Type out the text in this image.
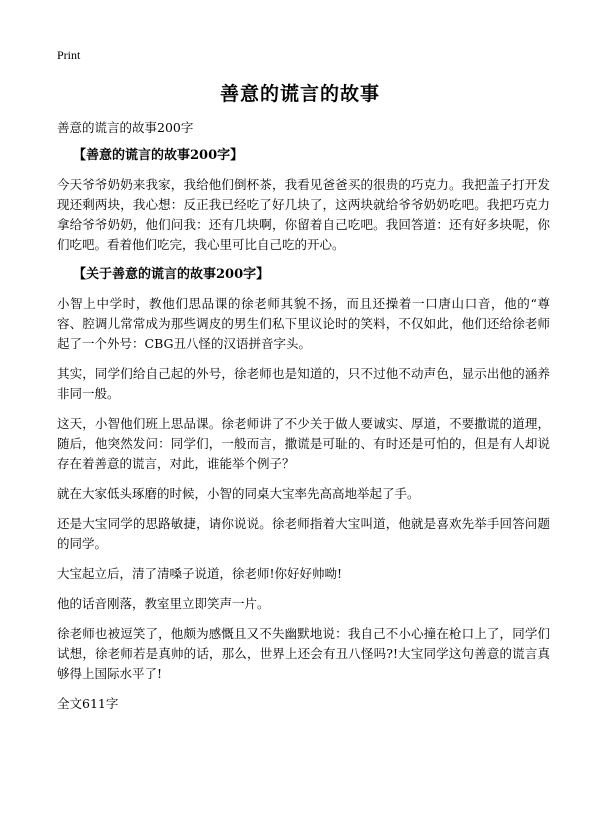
Print
善意的谎言的故事

善意的谎言的故事200字

【善意的谎言的故事200字】

今天爷爷奶奶来我家，我给他们倒杯茶，我看见爸爸买的很贵的巧克力。我把盖子打开发现还剩两块，我心想：反正我已经吃了好几块了，这两块就给爷爷奶奶吃吧。我把巧克力拿给爷爷奶奶，他们问我：还有几块啊，你留着自己吃吧。我回答道：还有好多块呢，你们吃吧。看着他们吃完，我心里可比自己吃的开心。

【关于善意的谎言的故事200字】

小智上中学时，教他们思品课的徐老师其貌不扬，而且还操着一口唐山口音，他的“尊容、腔调儿常常成为那些调皮的男生们私下里议论时的笑料，不仅如此，他们还给徐老师起了一个外号：CBG丑八怪的汉语拼音字头。

其实，同学们给自己起的外号，徐老师也是知道的，只不过他不动声色，显示出他的涵养非同一般。

这天，小智他们班上思品课。徐老师讲了不少关于做人要诚实、厚道，不要撒谎的道理，随后，他突然发问：同学们，一般而言，撒谎是可耻的、有时还是可怕的，但是有人却说存在着善意的谎言，对此，谁能举个例子？

就在大家低头琢磨的时候，小智的同桌大宝率先高高地举起了手。

还是大宝同学的思路敏捷，请你说说。徐老师指着大宝叫道，他就是喜欢先举手回答问题的同学。

大宝起立后，清了清嗓子说道，徐老师!你好好帅呦!

他的话音刚落，教室里立即笑声一片。

徐老师也被逗笑了，他颇为感慨且又不失幽默地说：我自己不小心撞在枪口上了，同学们试想，徐老师若是真帅的话，那么，世界上还会有丑八怪吗?!大宝同学这句善意的谎言真够得上国际水平了!

全文611字
